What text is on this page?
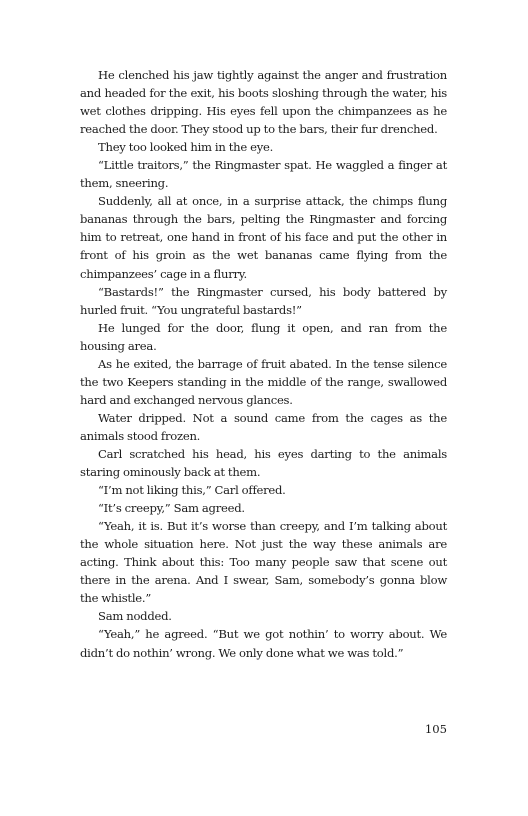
He clenched his jaw tightly against the anger and frustration and headed for the exit, his boots sloshing through the water, his wet clothes dripping. His eyes fell upon the chimpanzees as he reached the door. They stood up to the bars, their fur drenched.

They too looked him in the eye.

“Little traitors,” the Ringmaster spat. He waggled a finger at them, sneering.

Suddenly, all at once, in a surprise attack, the chimps flung bananas through the bars, pelting the Ringmaster and forcing him to retreat, one hand in front of his face and put the other in front of his groin as the wet bananas came flying from the chimpanzees’ cage in a flurry.

“Bastards!” the Ringmaster cursed, his body battered by hurled fruit. “You ungrateful bastards!”

He lunged for the door, flung it open, and ran from the housing area.

As he exited, the barrage of fruit abated. In the tense silence the two Keepers standing in the middle of the range, swallowed hard and exchanged nervous glances.

Water dripped. Not a sound came from the cages as the animals stood frozen.

Carl scratched his head, his eyes darting to the animals staring ominously back at them.

“I’m not liking this,” Carl offered.

“It’s creepy,” Sam agreed.

“Yeah, it is. But it’s worse than creepy, and I’m talking about the whole situation here. Not just the way these animals are acting. Think about this: Too many people saw that scene out there in the arena. And I swear, Sam, somebody’s gonna blow the whistle.”

Sam nodded.

“Yeah,” he agreed. “But we got nothin’ to worry about. We didn’t do nothin’ wrong. We only done what we was told.”

105
